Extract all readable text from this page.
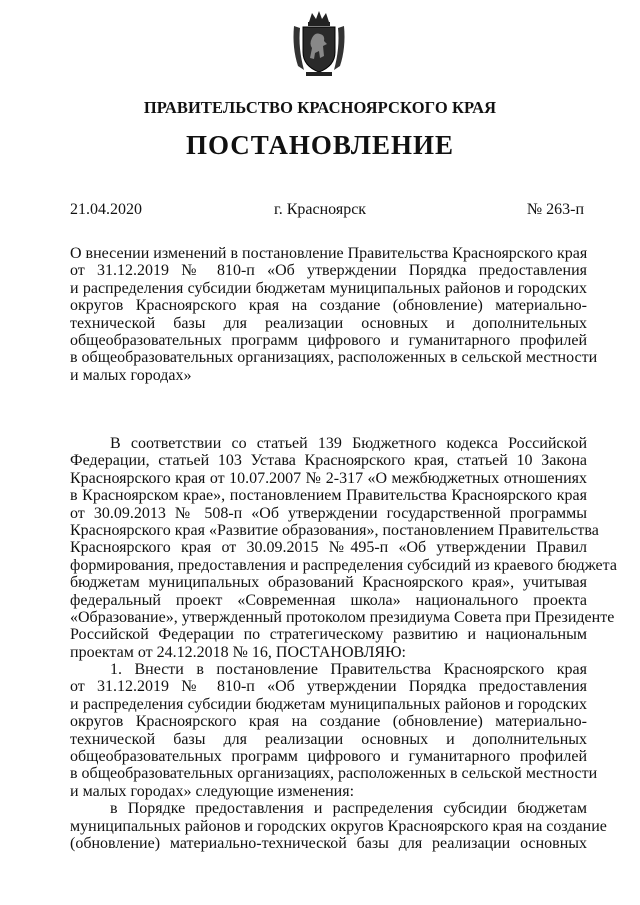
ПРАВИТЕЛЬСТВО КРАСНОЯРСКОГО КРАЯ
ПОСТАНОВЛЕНИЕ
21.04.2020	г. Красноярск	№ 263-п
О внесении изменений в постановление Правительства Красноярского края
от 31.12.2019 № 810-п «Об утверждении Порядка предоставления
и распределения субсидии бюджетам муниципальных районов и городских
округов Красноярского края на создание (обновление) материально-
технической базы для реализации основных и дополнительных
общеобразовательных программ цифрового и гуманитарного профилей
в общеобразовательных организациях, расположенных в сельской местности
и малых городах»
В соответствии со статьей 139 Бюджетного кодекса Российской
Федерации, статьей 103 Устава Красноярского края, статьей 10 Закона
Красноярского края от 10.07.2007 № 2-317 «О межбюджетных отношениях
в Красноярском крае», постановлением Правительства Красноярского края
от 30.09.2013 № 508-п «Об утверждении государственной программы
Красноярского края «Развитие образования», постановлением Правительства
Красноярского края от 30.09.2015 №495-п «Об утверждении Правил
формирования, предоставления и распределения субсидий из краевого бюджета
бюджетам муниципальных образований Красноярского края», учитывая
федеральный проект «Современная школа» национального проекта
«Образование», утвержденный протоколом президиума Совета при Президенте
Российской Федерации по стратегическому развитию и национальным
проектам от 24.12.2018 № 16, ПОСТАНОВЛЯЮ:
1. Внести в постановление Правительства Красноярского края
от 31.12.2019 № 810-п «Об утверждении Порядка предоставления
и распределения субсидии бюджетам муниципальных районов и городских
округов Красноярского края на создание (обновление) материально-
технической базы для реализации основных и дополнительных
общеобразовательных программ цифрового и гуманитарного профилей
в общеобразовательных организациях, расположенных в сельской местности
и малых городах» следующие изменения:
в Порядке предоставления и распределения субсидии бюджетам
муниципальных районов и городских округов Красноярского края на создание
(обновление) материально-технической базы для реализации основных
